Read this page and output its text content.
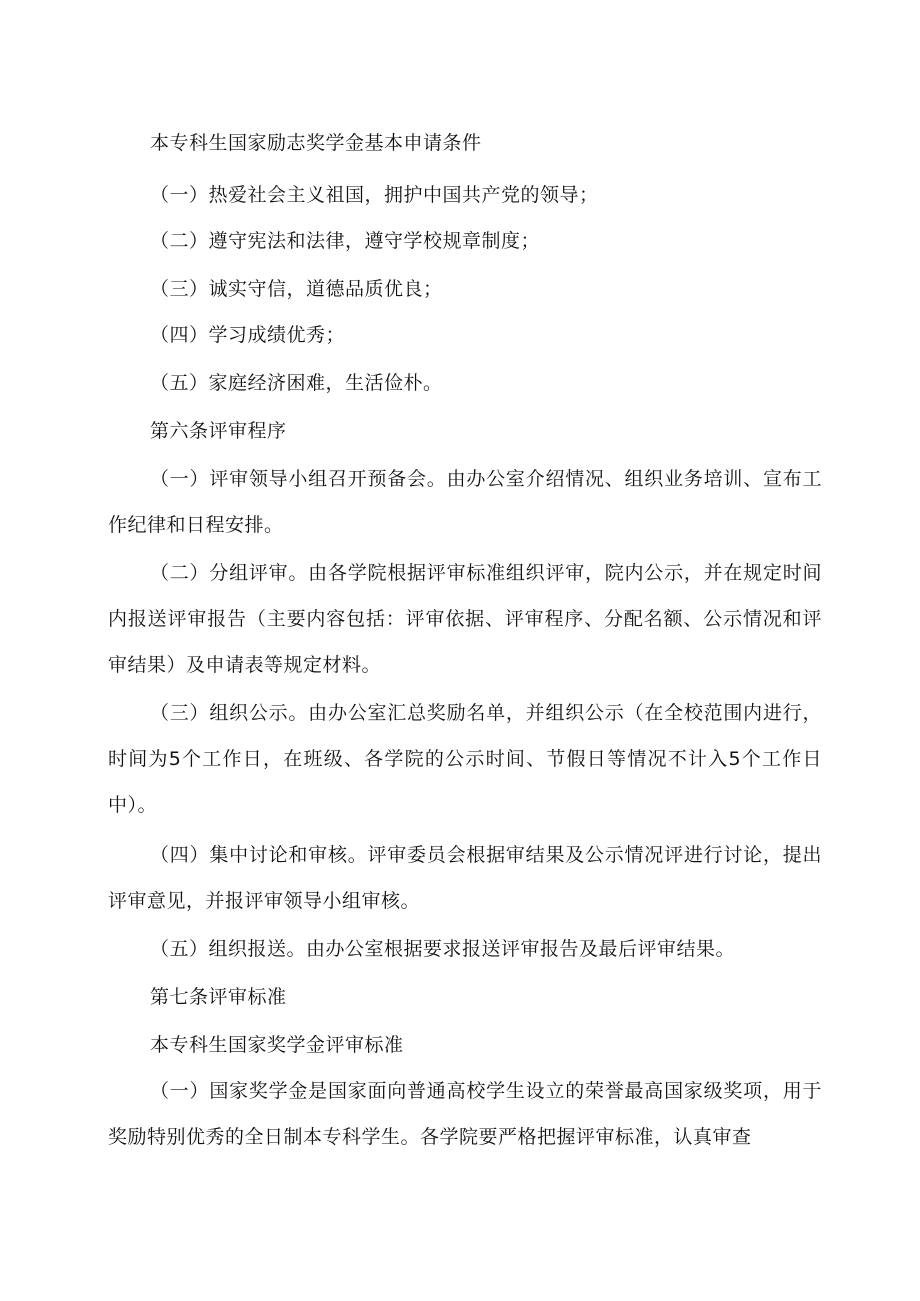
本专科生国家励志奖学金基本申请条件

（一）热爱社会主义祖国，拥护中国共产党的领导；

（二）遵守宪法和法律，遵守学校规章制度；

（三）诚实守信，道德品质优良；

（四）学习成绩优秀；

（五）家庭经济困难，生活俭朴。

第六条评审程序

（一）评审领导小组召开预备会。由办公室介绍情况、组织业务培训、宣布工作纪律和日程安排。

（二）分组评审。由各学院根据评审标准组织评审，院内公示，并在规定时间内报送评审报告（主要内容包括：评审依据、评审程序、分配名额、公示情况和评审结果）及申请表等规定材料。

（三）组织公示。由办公室汇总奖励名单，并组织公示（在全校范围内进行，时间为5个工作日，在班级、各学院的公示时间、节假日等情况不计入5个工作日中）。

（四）集中讨论和审核。评审委员会根据审结果及公示情况评进行讨论，提出评审意见，并报评审领导小组审核。

（五）组织报送。由办公室根据要求报送评审报告及最后评审结果。

第七条评审标准

本专科生国家奖学金评审标准

（一）国家奖学金是国家面向普通高校学生设立的荣誉最高国家级奖项，用于奖励特别优秀的全日制本专科学生。各学院要严格把握评审标准，认真审查
